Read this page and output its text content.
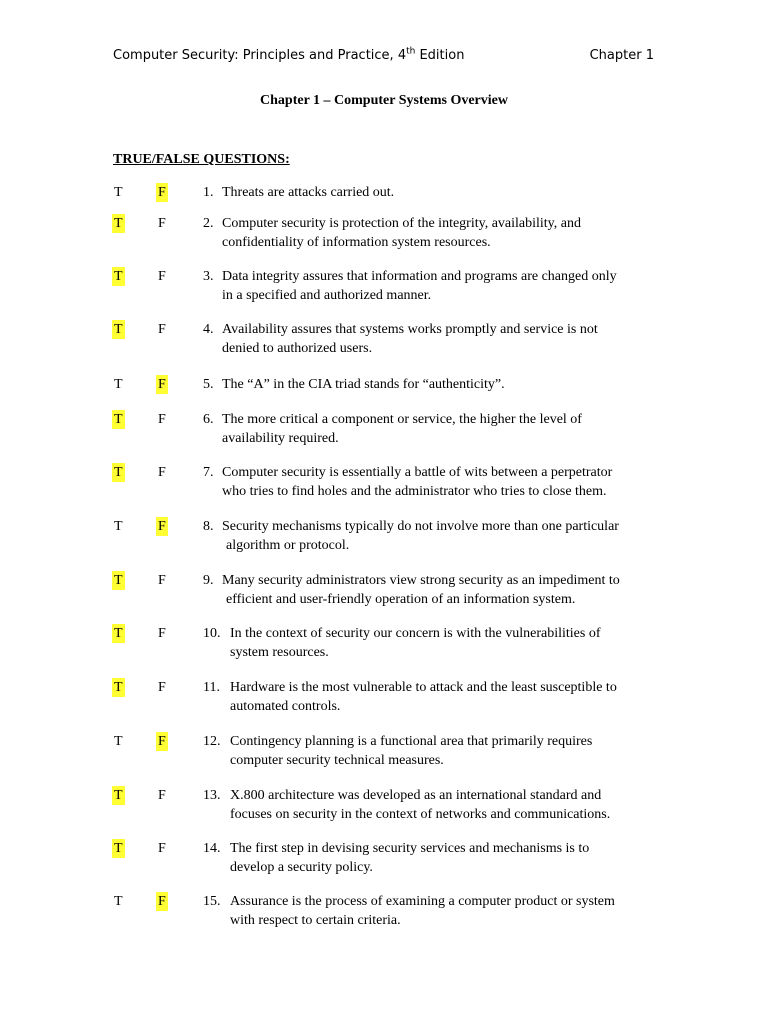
Computer Security: Principles and Practice, 4th Edition	Chapter 1
Chapter 1 – Computer Systems Overview
TRUE/FALSE QUESTIONS:
T	F	1. Threats are attacks carried out.
T	F	2. Computer security is protection of the integrity, availability, and
confidentiality of information system resources.
T	F	3. Data integrity assures that information and programs are changed only
in a specified and authorized manner.
T	F	4. Availability assures that systems works promptly and service is not
denied to authorized users.
T	F	5. The “A” in the CIA triad stands for “authenticity”.
T	F	6. The more critical a component or service, the higher the level of
availability required.
T	F	7. Computer security is essentially a battle of wits between a perpetrator
who tries to find holes and the administrator who tries to close them.
T	F	8. Security mechanisms typically do not involve more than one particular
algorithm or protocol.
T	F	9. Many security administrators view strong security as an impediment to
efficient and user-friendly operation of an information system.
T	F	10. In the context of security our concern is with the vulnerabilities of
system resources.
T	F	11. Hardware is the most vulnerable to attack and the least susceptible to
automated controls.
T	F	12. Contingency planning is a functional area that primarily requires
computer security technical measures.
T	F	13. X.800 architecture was developed as an international standard and
focuses on security in the context of networks and communications.
T	F	14. The first step in devising security services and mechanisms is to
develop a security policy.
T	F	15. Assurance is the process of examining a computer product or system
with respect to certain criteria.
